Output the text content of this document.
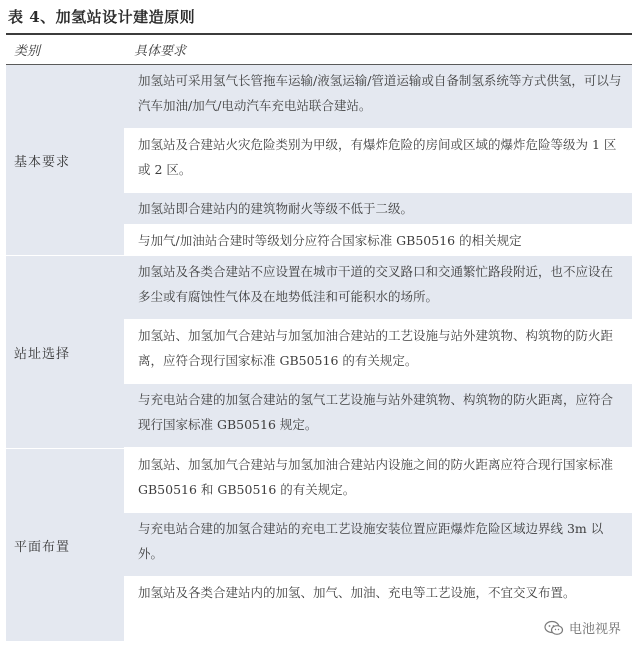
表 4、加氢站设计建造原则
类别	具体要求
基本要求
加氢站可采用氢气长管拖车运输/液氢运输/管道运输或自备制氢系统等方式供氢，可以与汽车加油/加气/电动汽车充电站联合建站。
加氢站及合建站火灾危险类别为甲级，有爆炸危险的房间或区域的爆炸危险等级为 1 区或 2 区。
加氢站即合建站内的建筑物耐火等级不低于二级。
与加气/加油站合建时等级划分应符合国家标准 GB50516 的相关规定
站址选择
加氢站及各类合建站不应设置在城市干道的交叉路口和交通繁忙路段附近，也不应设在多尘或有腐蚀性气体及在地势低洼和可能积水的场所。
加氢站、加氢加气合建站与加氢加油合建站的工艺设施与站外建筑物、构筑物的防火距离，应符合现行国家标准 GB50516 的有关规定。
与充电站合建的加氢合建站的氢气工艺设施与站外建筑物、构筑物的防火距离，应符合现行国家标准 GB50516 规定。
平面布置
加氢站、加氢加气合建站与加氢加油合建站内设施之间的防火距离应符合现行国家标准 GB50516 和 GB50516 的有关规定。
与充电站合建的加氢合建站的充电工艺设施安装位置应距爆炸危险区域边界线 3m 以外。
加氢站及各类合建站内的加氢、加气、加油、充电等工艺设施，不宜交叉布置。
电池视界
